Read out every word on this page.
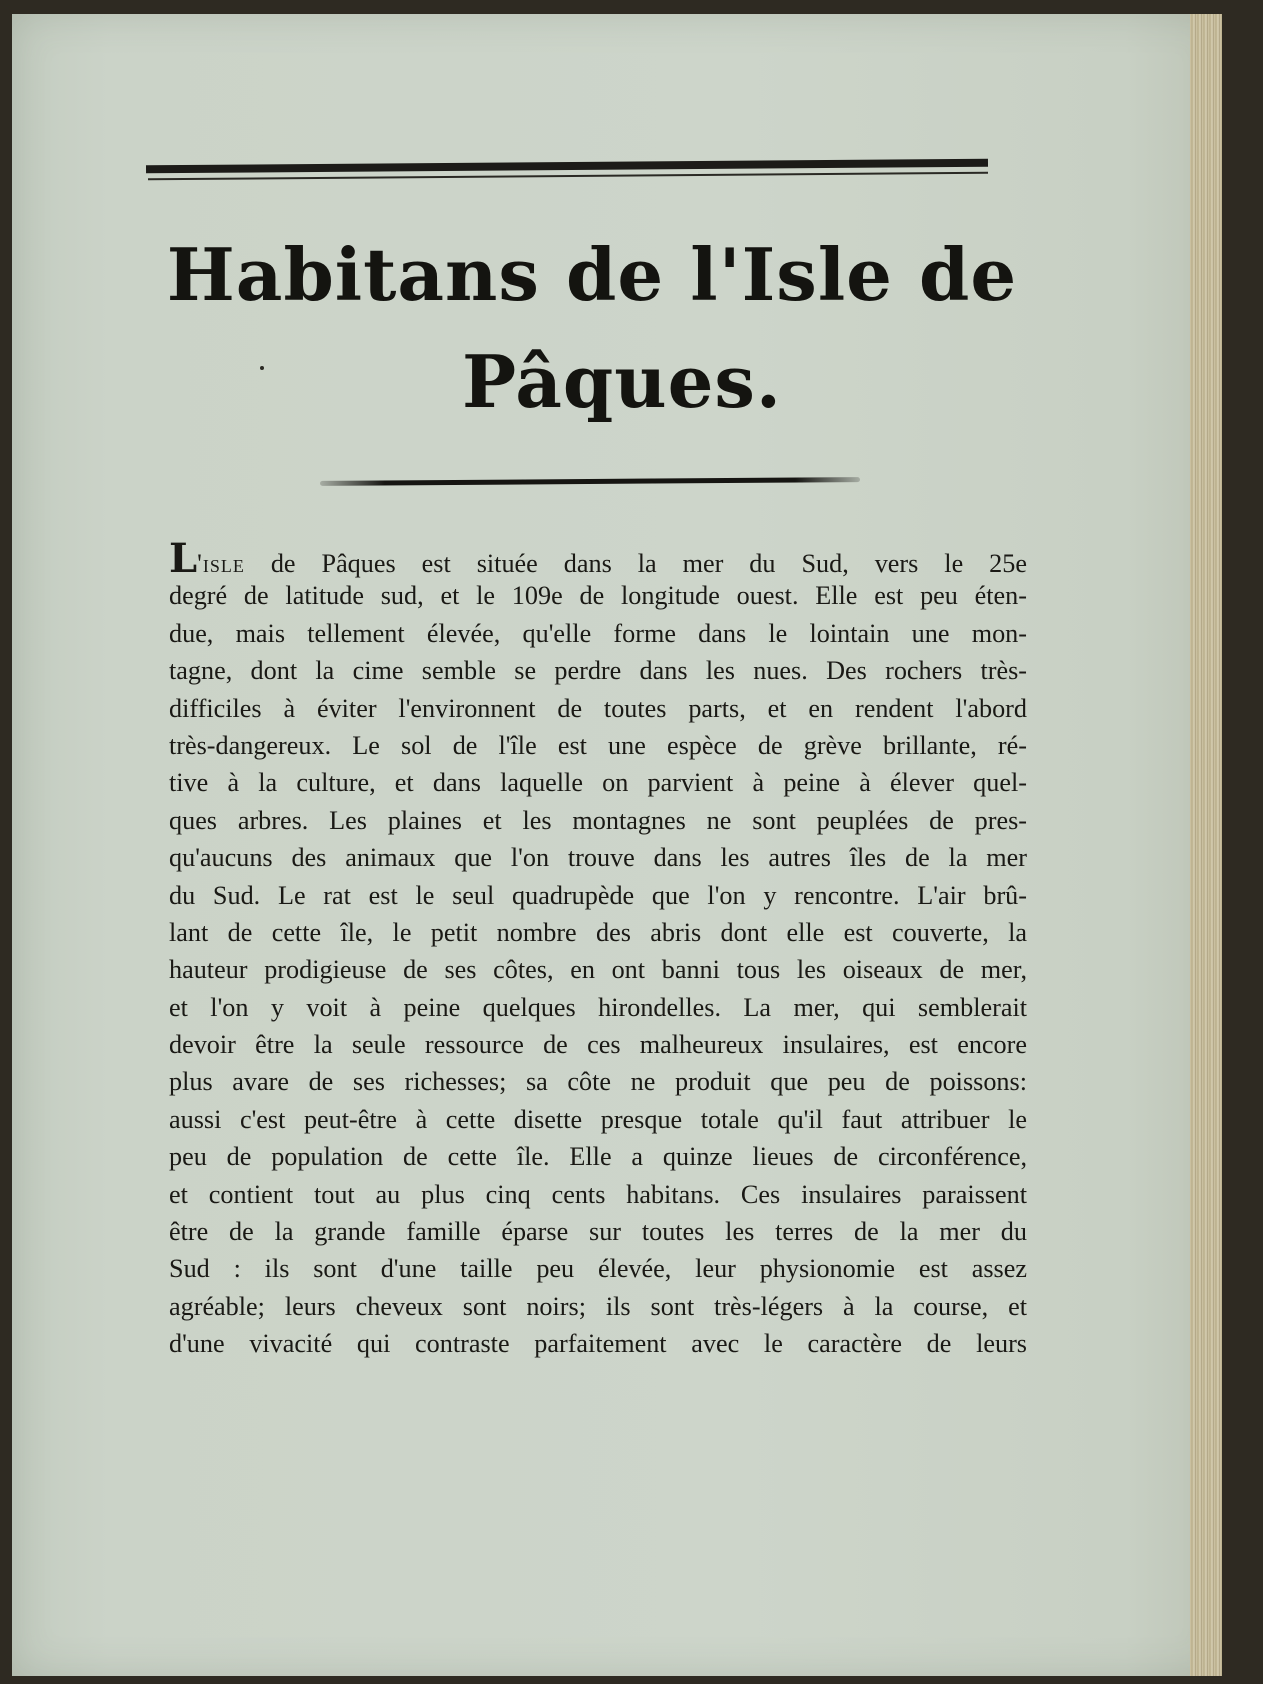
Habitans de l'Isle de
Pâques.
L'isle de Pâques est située dans la mer du Sud, vers le 25e
degré de latitude sud, et le 109e de longitude ouest. Elle est peu éten-
due, mais tellement élevée, qu'elle forme dans le lointain une mon-
tagne, dont la cime semble se perdre dans les nues. Des rochers très-
difficiles à éviter l'environnent de toutes parts, et en rendent l'abord
très-dangereux. Le sol de l'île est une espèce de grève brillante, ré-
tive à la culture, et dans laquelle on parvient à peine à élever quel-
ques arbres. Les plaines et les montagnes ne sont peuplées de pres-
qu'aucuns des animaux que l'on trouve dans les autres îles de la mer
du Sud. Le rat est le seul quadrupède que l'on y rencontre. L'air brû-
lant de cette île, le petit nombre des abris dont elle est couverte, la
hauteur prodigieuse de ses côtes, en ont banni tous les oiseaux de mer,
et l'on y voit à peine quelques hirondelles. La mer, qui semblerait
devoir être la seule ressource de ces malheureux insulaires, est encore
plus avare de ses richesses; sa côte ne produit que peu de poissons:
aussi c'est peut-être à cette disette presque totale qu'il faut attribuer le
peu de population de cette île. Elle a quinze lieues de circonférence,
et contient tout au plus cinq cents habitans. Ces insulaires paraissent
être de la grande famille éparse sur toutes les terres de la mer du
Sud : ils sont d'une taille peu élevée, leur physionomie est assez
agréable; leurs cheveux sont noirs; ils sont très-légers à la course, et
d'une vivacité qui contraste parfaitement avec le caractère de leurs
